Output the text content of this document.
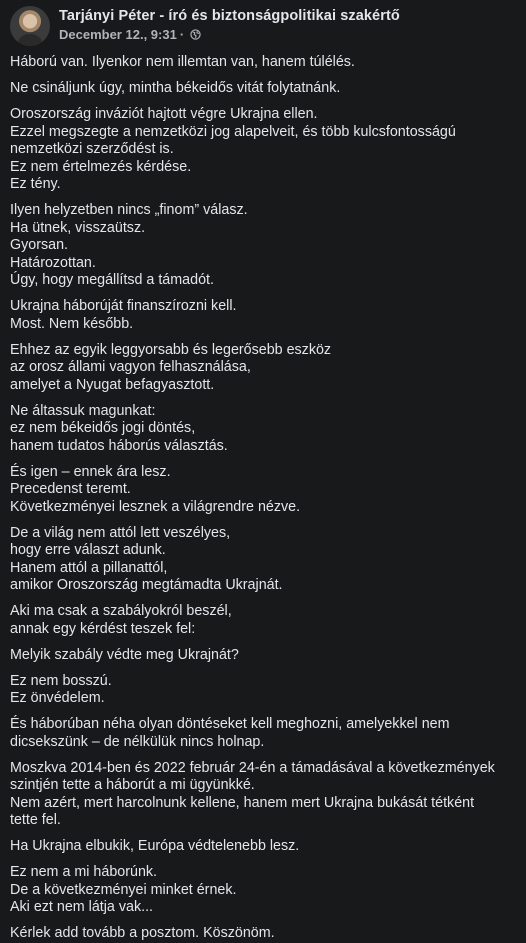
Tarjányi Péter - író és biztonságpolitikai szakértő
December 12. , 9:31 ·
Háború van. Ilyenkor nem illemtan van, hanem túlélés.
Ne csináljunk úgy, mintha békeidős vitát folytatnánk.
Oroszország inváziót hajtott végre Ukrajna ellen.
Ezzel megszegte a nemzetközi jog alapelveit, és több kulcsfontosságú
nemzetközi szerződést is.
Ez nem értelmezés kérdése.
Ez tény.
Ilyen helyzetben nincs „finom” válasz.
Ha ütnek, visszaütsz.
Gyorsan.
Határozottan.
Úgy, hogy megállítsd a támadót.
Ukrajna háborúját finanszírozni kell.
Most. Nem később.
Ehhez az egyik leggyorsabb és legerősebb eszköz
az orosz állami vagyon felhasználása,
amelyet a Nyugat befagyasztott.
Ne áltassuk magunkat:
ez nem békeidős jogi döntés,
hanem tudatos háborús választás.
És igen – ennek ára lesz.
Precedenst teremt.
Következményei lesznek a világrendre nézve.
De a világ nem attól lett veszélyes,
hogy erre választ adunk.
Hanem attól a pillanattól,
amikor Oroszország megtámadta Ukrajnát.
Aki ma csak a szabályokról beszél,
annak egy kérdést teszek fel:
Melyik szabály védte meg Ukrajnát?
Ez nem bosszú.
Ez önvédelem.
És háborúban néha olyan döntéseket kell meghozni, amelyekkel nem
dicsekszünk – de nélkülük nincs holnap.
Moszkva 2014-ben és 2022 február 24-én a támadásával a következmények
szintjén tette a háborút a mi ügyünkké.
Nem azért, mert harcolnunk kellene, hanem mert Ukrajna bukását tétként
tette fel.
Ha Ukrajna elbukik, Európa védtelenebb lesz.
Ez nem a mi háborúnk.
De a következményei minket érnek.
Aki ezt nem látja vak...
Kérlek add tovább a posztom. Köszönöm.
